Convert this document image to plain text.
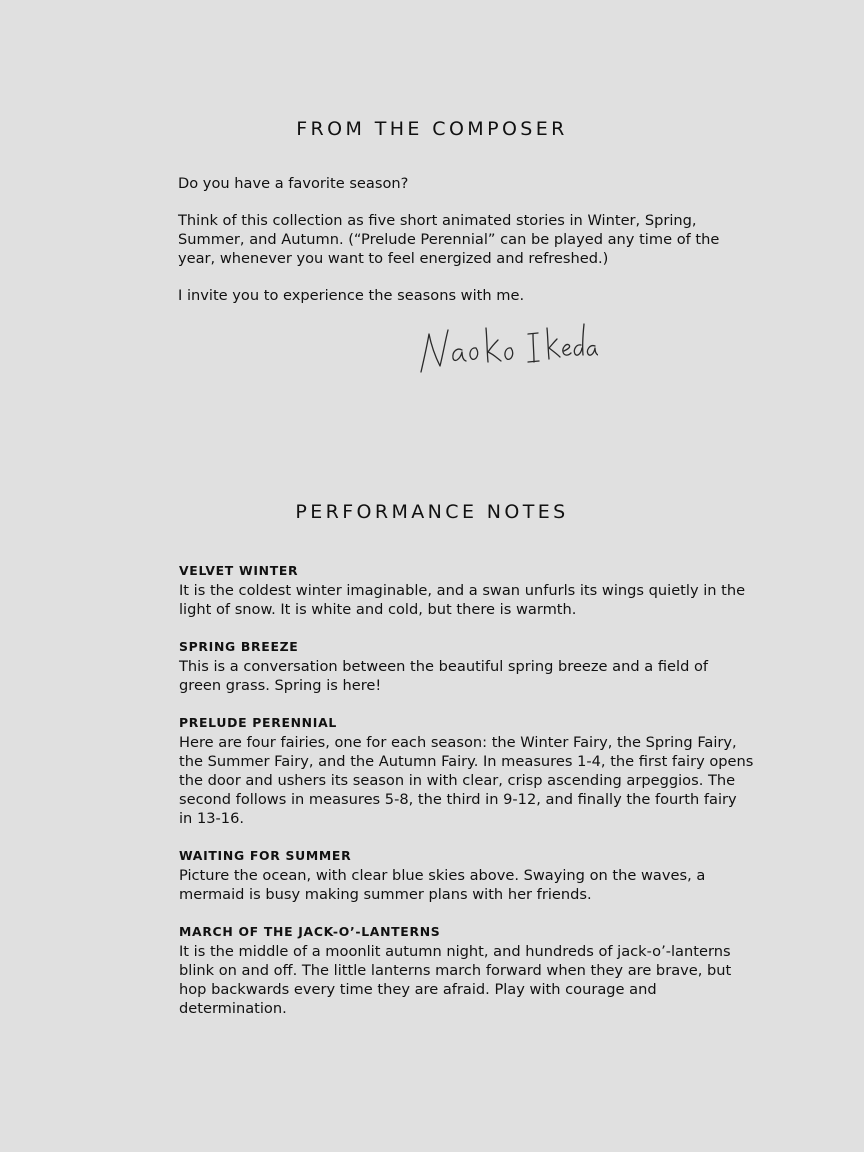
FROM THE COMPOSER

Do you have a favorite season?

Think of this collection as five short animated stories in Winter, Spring, Summer, and Autumn. (“Prelude Perennial” can be played any time of the year, whenever you want to feel energized and refreshed.)

I invite you to experience the seasons with me.

PERFORMANCE NOTES
VELVET WINTER

It is the coldest winter imaginable, and a swan unfurls its wings quietly in the light of snow. It is white and cold, but there is warmth.

SPRING BREEZE

This is a conversation between the beautiful spring breeze and a field of green grass. Spring is here!

PRELUDE PERENNIAL

Here are four fairies, one for each season: the Winter Fairy, the Spring Fairy, the Summer Fairy, and the Autumn Fairy. In measures 1-4, the first fairy opens the door and ushers its season in with clear, crisp ascending arpeggios. The second follows in measures 5-8, the third in 9-12, and finally the fourth fairy in 13-16.

WAITING FOR SUMMER

Picture the ocean, with clear blue skies above. Swaying on the waves, a mermaid is busy making summer plans with her friends.

MARCH OF THE JACK-O’-LANTERNS

It is the middle of a moonlit autumn night, and hundreds of jack-o’-lanterns blink on and off. The little lanterns march forward when they are brave, but hop backwards every time they are afraid. Play with courage and determination.
